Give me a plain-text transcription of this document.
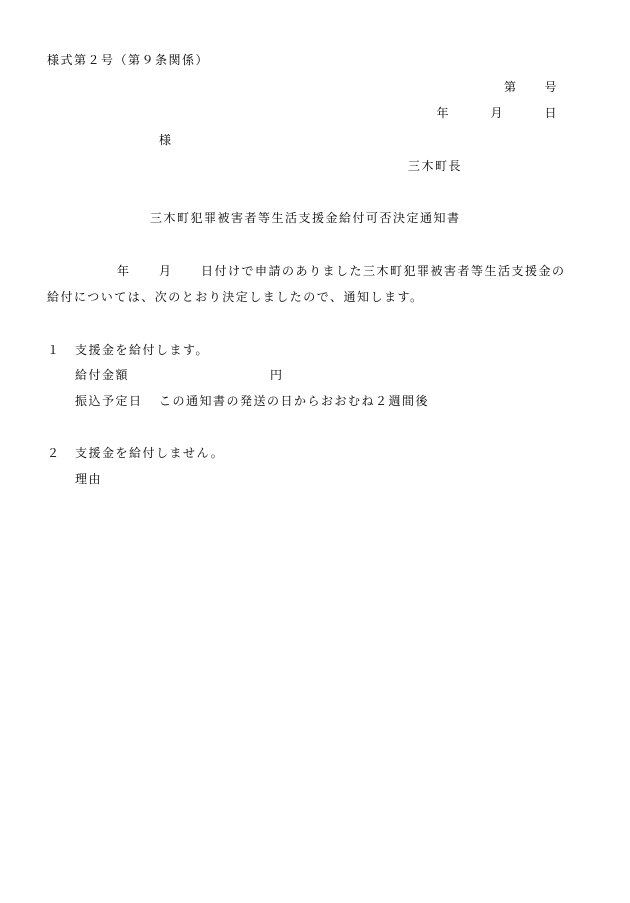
様式第２号（第９条関係）
第　　号
年　　　月　　　日
様
三木町長
三木町犯罪被害者等生活支援金給付可否決定通知書
年 月 日付けで申請のありました三木町犯罪被害者等生活支援金の
給付については、次のとおり決定しましたので、通知します。
１ 支援金を給付します。
給付金額	円
振込予定日 この通知書の発送の日からおおむね２週間後
２ 支援金を給付しません。
理由
